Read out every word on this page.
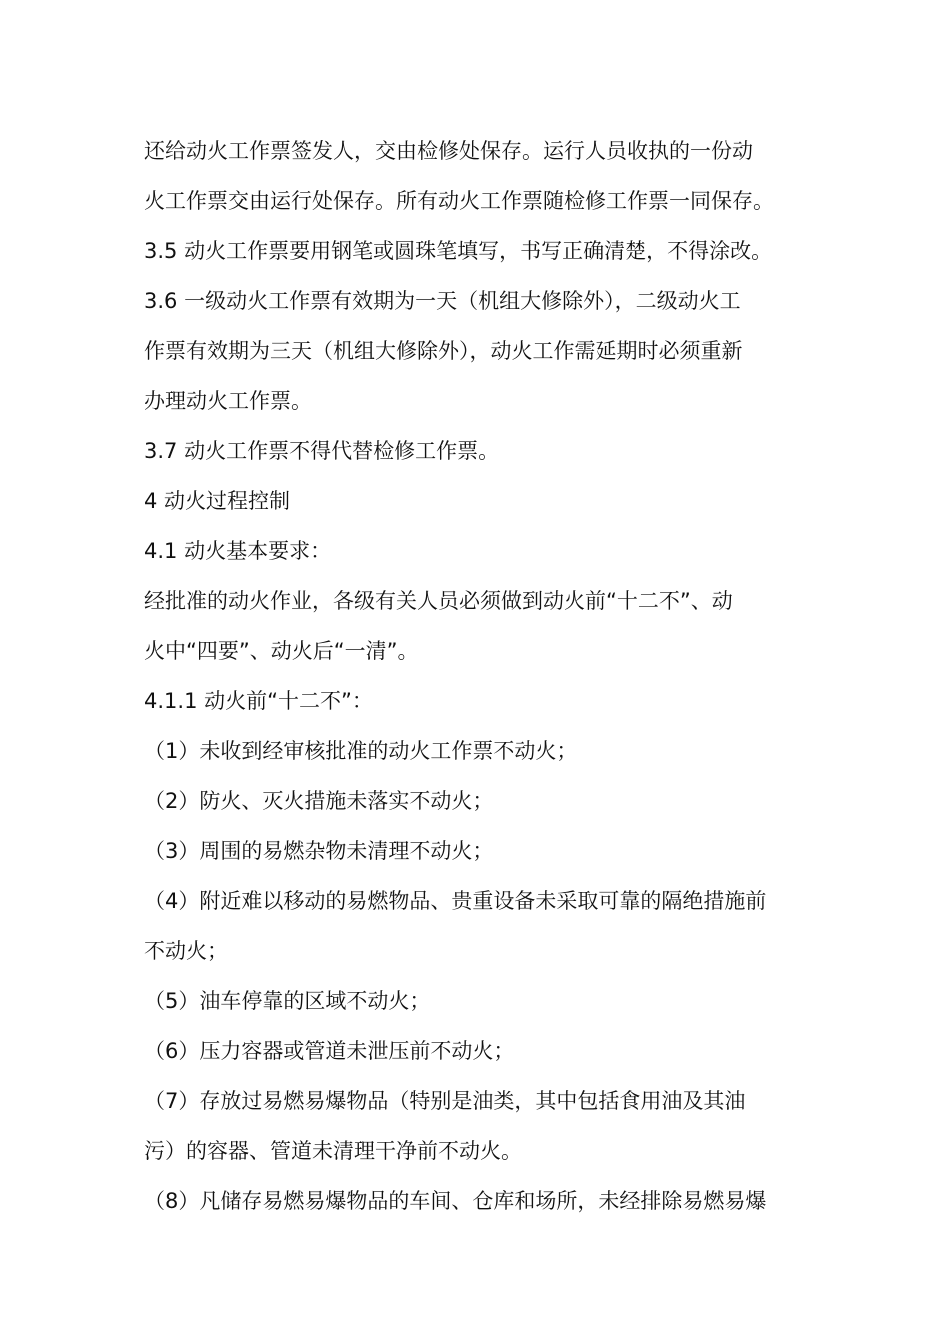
还给动火工作票签发人，交由检修处保存。运行人员收执的一份动
火工作票交由运行处保存。所有动火工作票随检修工作票一同保存。
3.5 动火工作票要用钢笔或圆珠笔填写，书写正确清楚，不得涂改。
3.6 一级动火工作票有效期为一天（机组大修除外），二级动火工
作票有效期为三天（机组大修除外），动火工作需延期时必须重新
办理动火工作票。
3.7 动火工作票不得代替检修工作票。
4 动火过程控制
4.1 动火基本要求：
经批准的动火作业，各级有关人员必须做到动火前“十二不”、动
火中“四要”、动火后“一清”。
4.1.1 动火前“十二不”：
（1）未收到经审核批准的动火工作票不动火；
（2）防火、灭火措施未落实不动火；
（3）周围的易燃杂物未清理不动火；
（4）附近难以移动的易燃物品、贵重设备未采取可靠的隔绝措施前
不动火；
（5）油车停靠的区域不动火；
（6）压力容器或管道未泄压前不动火；
（7）存放过易燃易爆物品（特别是油类，其中包括食用油及其油
污）的容器、管道未清理干净前不动火。
（8）凡储存易燃易爆物品的车间、仓库和场所，未经排除易燃易爆
